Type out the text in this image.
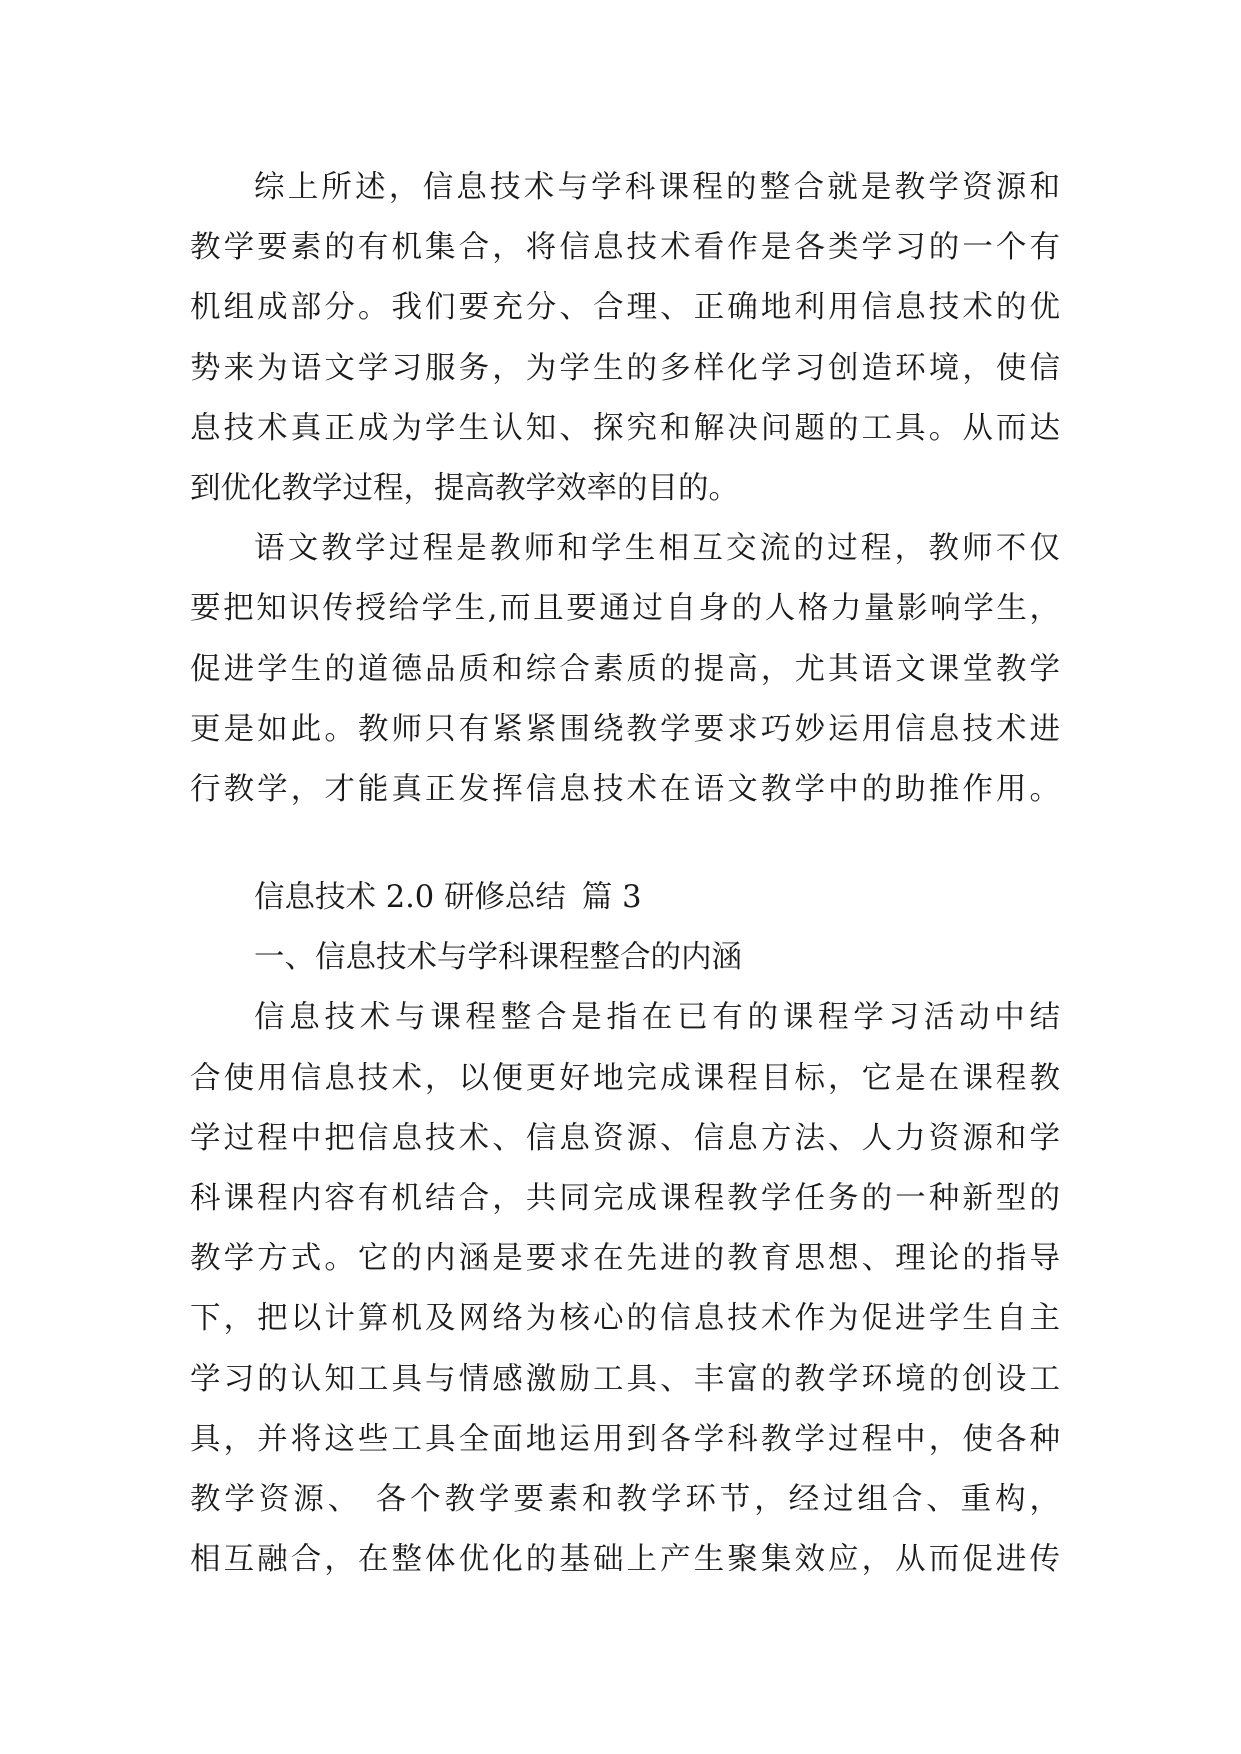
综上所述，信息技术与学科课程的整合就是教学资源和
教学要素的有机集合，将信息技术看作是各类学习的一个有
机组成部分。我们要充分、合理、正确地利用信息技术的优
势来为语文学习服务，为学生的多样化学习创造环境，使信
息技术真正成为学生认知、探究和解决问题的工具。从而达
到优化教学过程，提高教学效率的目的。
语文教学过程是教师和学生相互交流的过程，教师不仅
要把知识传授给学生,而且要通过自身的人格力量影响学生，
促进学生的道德品质和综合素质的提高，尤其语文课堂教学
更是如此。教师只有紧紧围绕教学要求巧妙运用信息技术进
行教学，才能真正发挥信息技术在语文教学中的助推作用。
信息技术 2.0 研修总结 篇 3
一、信息技术与学科课程整合的内涵
信息技术与课程整合是指在已有的课程学习活动中结
合使用信息技术，以便更好地完成课程目标，它是在课程教
学过程中把信息技术、信息资源、信息方法、人力资源和学
科课程内容有机结合，共同完成课程教学任务的一种新型的
教学方式。它的内涵是要求在先进的教育思想、理论的指导
下，把以计算机及网络为核心的信息技术作为促进学生自主
学习的认知工具与情感激励工具、丰富的教学环境的创设工
具，并将这些工具全面地运用到各学科教学过程中，使各种
教学资源、 各个教学要素和教学环节，经过组合、重构，
相互融合，在整体优化的基础上产生聚集效应，从而促进传
